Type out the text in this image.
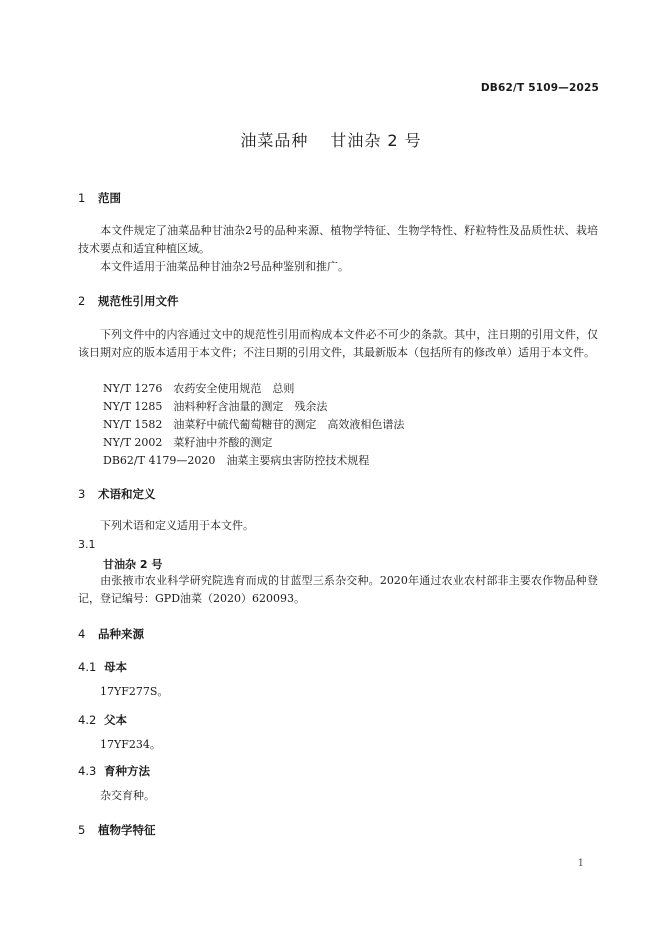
DB62/T 5109—2025
油菜品种 甘油杂 2 号
1 范围
本文件规定了油菜品种甘油杂2号的品种来源、植物学特征、生物学特性、籽粒特性及品质性状、栽培技术要点和适宜种植区域。
本文件适用于油菜品种甘油杂2号品种鉴别和推广。
2 规范性引用文件
下列文件中的内容通过文中的规范性引用而构成本文件必不可少的条款。其中，注日期的引用文件，仅该日期对应的版本适用于本文件；不注日期的引用文件，其最新版本（包括所有的修改单）适用于本文件。
NY/T 1276　 农药安全使用规范　总则
NY/T 1285　 油料种籽含油量的测定　残余法
NY/T 1582　 油菜籽中硫代葡萄糖苷的测定　高效液相色谱法
NY/T 2002　 菜籽油中芥酸的测定
DB62/T 4179—2020　 油菜主要病虫害防控技术规程
3 术语和定义
下列术语和定义适用于本文件。
3.1
甘油杂 2 号
由张掖市农业科学研究院选育而成的甘蓝型三系杂交种。2020年通过农业农村部非主要农作物品种登记，登记编号：GPD油菜（2020）620093。
4 品种来源
4.1 母本
17YF277S。
4.2 父本
17YF234。
4.3 育种方法
杂交育种。
5 植物学特征
1
